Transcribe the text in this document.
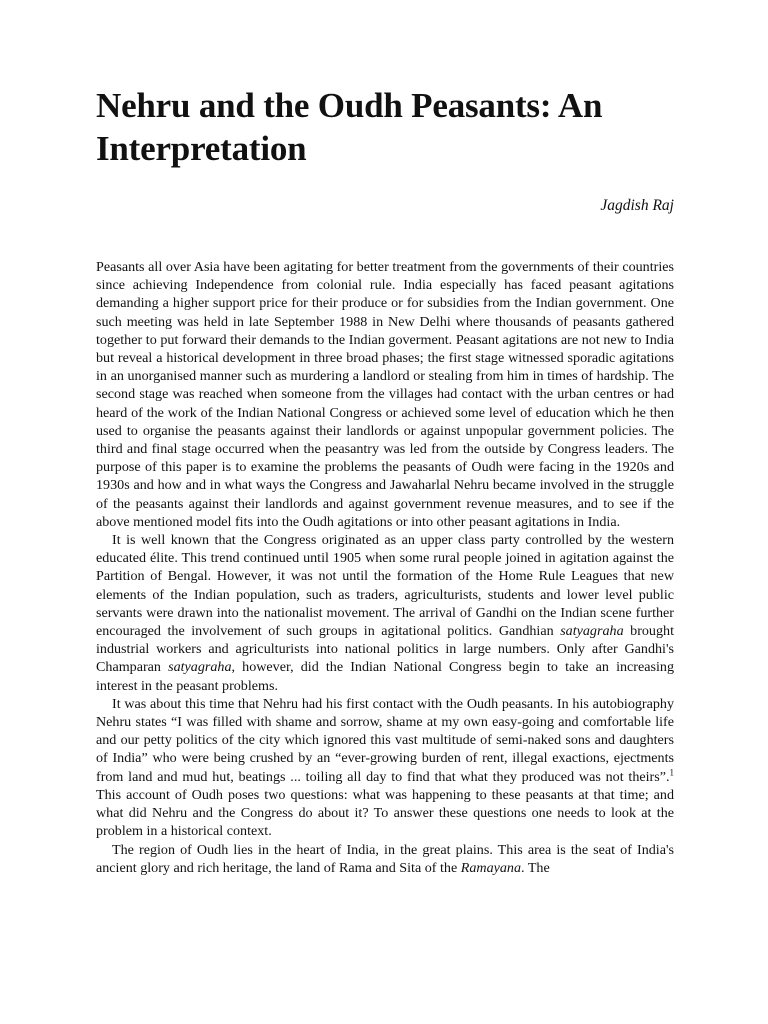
Nehru and the Oudh Peasants: An Interpretation
Jagdish Raj

Peasants all over Asia have been agitating for better treatment from the governments of their countries since achieving Independence from colonial rule. India especially has faced peasant agitations demanding a higher support price for their produce or for subsidies from the Indian government. One such meeting was held in late September 1988 in New Delhi where thousands of peasants gathered together to put forward their demands to the Indian goverment. Peasant agitations are not new to India but reveal a historical development in three broad phases; the first stage witnessed sporadic agitations in an unorganised manner such as murdering a landlord or stealing from him in times of hardship. The second stage was reached when someone from the villages had contact with the urban centres or had heard of the work of the Indian National Congress or achieved some level of education which he then used to organise the peasants against their landlords or against unpopular government policies. The third and final stage occurred when the peasantry was led from the outside by Congress leaders. The purpose of this paper is to examine the problems the peasants of Oudh were facing in the 1920s and 1930s and how and in what ways the Congress and Jawaharlal Nehru became involved in the struggle of the peasants against their landlords and against government revenue measures, and to see if the above mentioned model fits into the Oudh agitations or into other peasant agitations in India.

It is well known that the Congress originated as an upper class party controlled by the western educated élite. This trend continued until 1905 when some rural people joined in agitation against the Partition of Bengal. However, it was not until the formation of the Home Rule Leagues that new elements of the Indian population, such as traders, agriculturists, students and lower level public servants were drawn into the nationalist movement. The arrival of Gandhi on the Indian scene further encouraged the involvement of such groups in agitational politics. Gandhian satyagraha brought industrial workers and agriculturists into national politics in large numbers. Only after Gandhi's Champaran satyagraha, however, did the Indian National Congress begin to take an increasing interest in the peasant problems.

It was about this time that Nehru had his first contact with the Oudh peasants. In his autobiography Nehru states “I was filled with shame and sorrow, shame at my own easy-going and comfortable life and our petty politics of the city which ignored this vast multitude of semi-naked sons and daughters of India” who were being crushed by an “ever-growing burden of rent, illegal exactions, ejectments from land and mud hut, beatings ... toiling all day to find that what they produced was not theirs”.$^1$ This account of Oudh poses two questions: what was happening to these peasants at that time; and what did Nehru and the Congress do about it? To answer these questions one needs to look at the problem in a historical context.

The region of Oudh lies in the heart of India, in the great plains. This area is the seat of India's ancient glory and rich heritage, the land of Rama and Sita of the Ramayana. The
